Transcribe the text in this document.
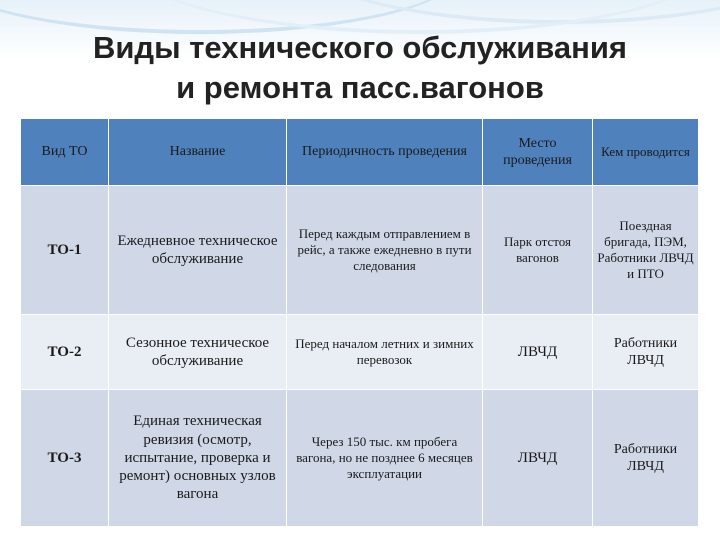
Виды технического обслуживания
и ремонта пасс.вагонов
Вид ТО	Название	Периодичность проведения	Место проведения	Кем проводится
ТО-1	Ежедневное техническое обслуживание	Перед каждым отправлением в рейс, а также ежедневно в пути следования	Парк отстоя вагонов	Поездная бригада, ПЭМ, Работники ЛВЧД и ПТО
ТО-2	Сезонное техническое обслуживание	Перед началом летних и зимних перевозок	ЛВЧД	Работники ЛВЧД
ТО-3	Единая техническая ревизия (осмотр, испытание, проверка и ремонт) основных узлов вагона	Через 150 тыс. км пробега вагона, но не позднее 6 месяцев эксплуатации	ЛВЧД	Работники ЛВЧД
